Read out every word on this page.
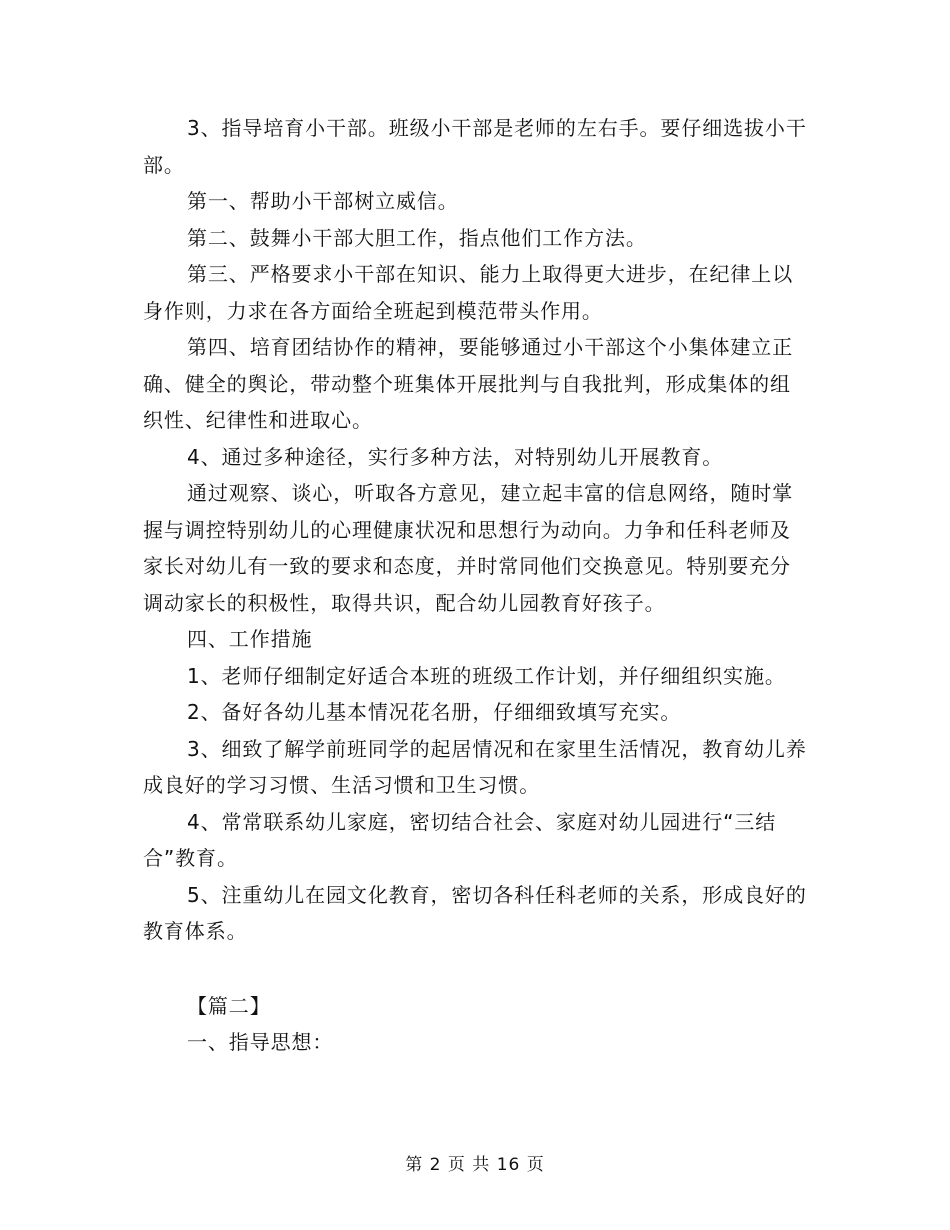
3、指导培育小干部。班级小干部是老师的左右手。要仔细选拔小干部。

第一、帮助小干部树立威信。

第二、鼓舞小干部大胆工作，指点他们工作方法。

第三、严格要求小干部在知识、能力上取得更大进步，在纪律上以身作则，力求在各方面给全班起到模范带头作用。

第四、培育团结协作的精神，要能够通过小干部这个小集体建立正确、健全的舆论，带动整个班集体开展批判与自我批判，形成集体的组织性、纪律性和进取心。

4、通过多种途径，实行多种方法，对特别幼儿开展教育。

通过观察、谈心，听取各方意见，建立起丰富的信息网络，随时掌握与调控特别幼儿的心理健康状况和思想行为动向。力争和任科老师及家长对幼儿有一致的要求和态度，并时常同他们交换意见。特别要充分调动家长的积极性，取得共识，配合幼儿园教育好孩子。

四、工作措施

1、老师仔细制定好适合本班的班级工作计划，并仔细组织实施。

2、备好各幼儿基本情况花名册，仔细细致填写充实。

3、细致了解学前班同学的起居情况和在家里生活情况，教育幼儿养成良好的学习习惯、生活习惯和卫生习惯。

4、常常联系幼儿家庭，密切结合社会、家庭对幼儿园进行“三结合”教育。

5、注重幼儿在园文化教育，密切各科任科老师的关系，形成良好的教育体系。

【篇二】

一、指导思想：

第 2 页 共 16 页
